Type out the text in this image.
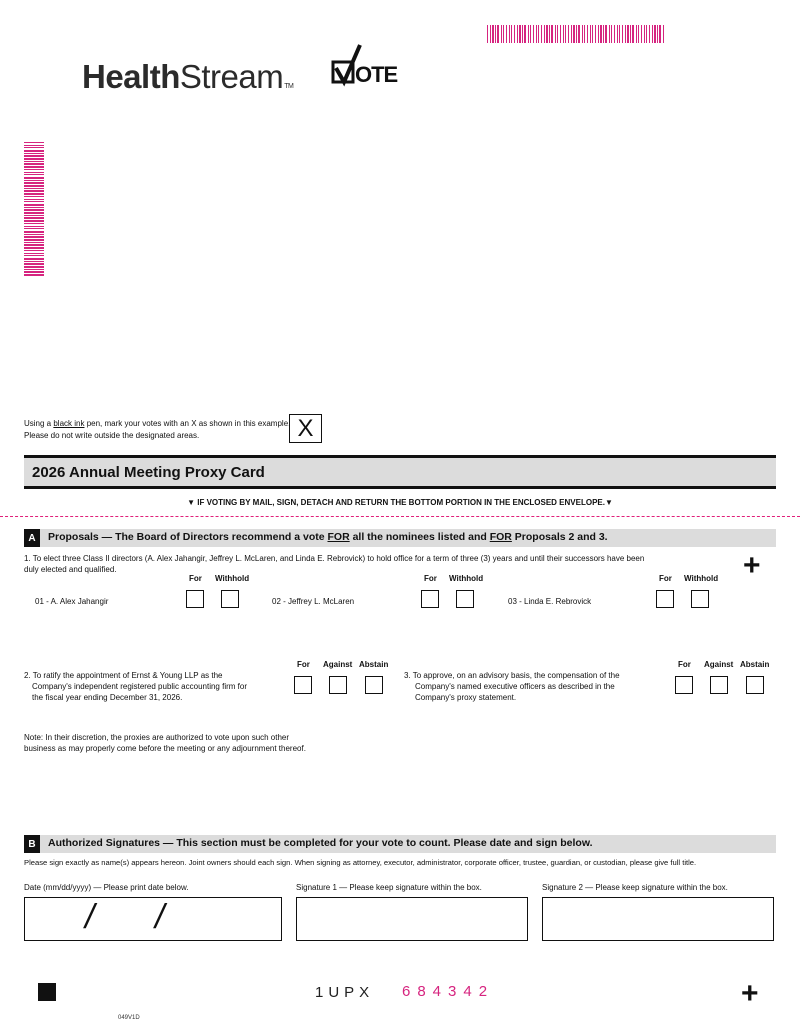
HealthStreamTM	OTE
Using a black ink pen, mark your votes with an X as shown in this example.
Please do not write outside the designated areas.	X
2026 Annual Meeting Proxy Card
▼ IF VOTING BY MAIL, SIGN, DETACH AND RETURN THE BOTTOM PORTION IN THE ENCLOSED ENVELOPE.▼
A	Proposals — The Board of Directors recommend a vote FOR all the nominees listed and FOR Proposals 2 and 3.
+
1. To elect three Class II directors (A. Alex Jahangir, Jeffrey L. McLaren, and Linda E. Rebrovick) to hold office for a term of three (3) years and until their successors have been
duly elected and qualified.
For Withhold	For Withhold	For Withhold
01 - A. Alex Jahangir	02 - Jeffrey L. McLaren	03 - Linda E. Rebrovick
For Against Abstain
2. To ratify the appointment of Ernst & Young LLP as the
Company's independent registered public accounting firm for
the fiscal year ending December 31, 2026.
For Against Abstain
3. To approve, on an advisory basis, the compensation of the
Company's named executive officers as described in the
Company's proxy statement.
Note: In their discretion, the proxies are authorized to vote upon such other
business as may properly come before the meeting or any adjournment thereof.
B	Authorized Signatures — This section must be completed for your vote to count. Please date and sign below.
Please sign exactly as name(s) appears hereon. Joint owners should each sign. When signing as attorney, executor, administrator, corporate officer, trustee, guardian, or custodian, please give full title.
Date (mm/dd/yyyy) — Please print date below.	Signature 1 — Please keep signature within the box.	Signature 2 — Please keep signature within the box.
/ /
1UPX 684342	+
049V1D
